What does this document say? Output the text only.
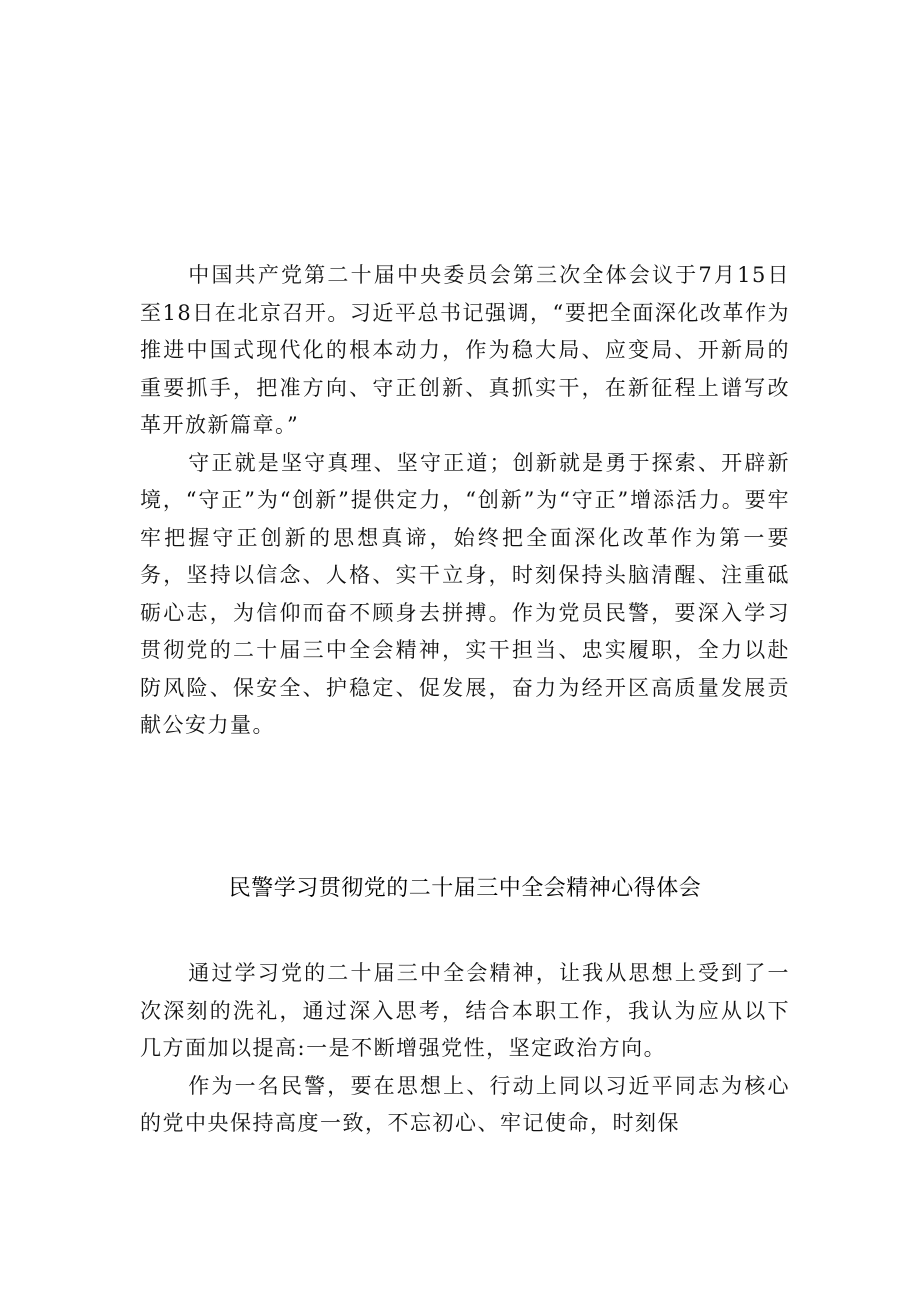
中国共产党第二十届中央委员会第三次全体会议于7月15日至18日在北京召开。习近平总书记强调，“要把全面深化改革作为推进中国式现代化的根本动力，作为稳大局、应变局、开新局的重要抓手，把准方向、守正创新、真抓实干，在新征程上谱写改革开放新篇章。”

守正就是坚守真理、坚守正道；创新就是勇于探索、开辟新境，“守正”为“创新”提供定力，“创新”为“守正”增添活力。要牢牢把握守正创新的思想真谛，始终把全面深化改革作为第一要务，坚持以信念、人格、实干立身，时刻保持头脑清醒、注重砥砺心志，为信仰而奋不顾身去拼搏。作为党员民警，要深入学习贯彻党的二十届三中全会精神，实干担当、忠实履职，全力以赴防风险、保安全、护稳定、促发展，奋力为经开区高质量发展贡献公安力量。

民警学习贯彻党的二十届三中全会精神心得体会

通过学习党的二十届三中全会精神，让我从思想上受到了一次深刻的洗礼，通过深入思考，结合本职工作，我认为应从以下几方面加以提高:一是不断增强党性，坚定政治方向。

作为一名民警，要在思想上、行动上同以习近平同志为核心的党中央保持高度一致，不忘初心、牢记使命，时刻保
